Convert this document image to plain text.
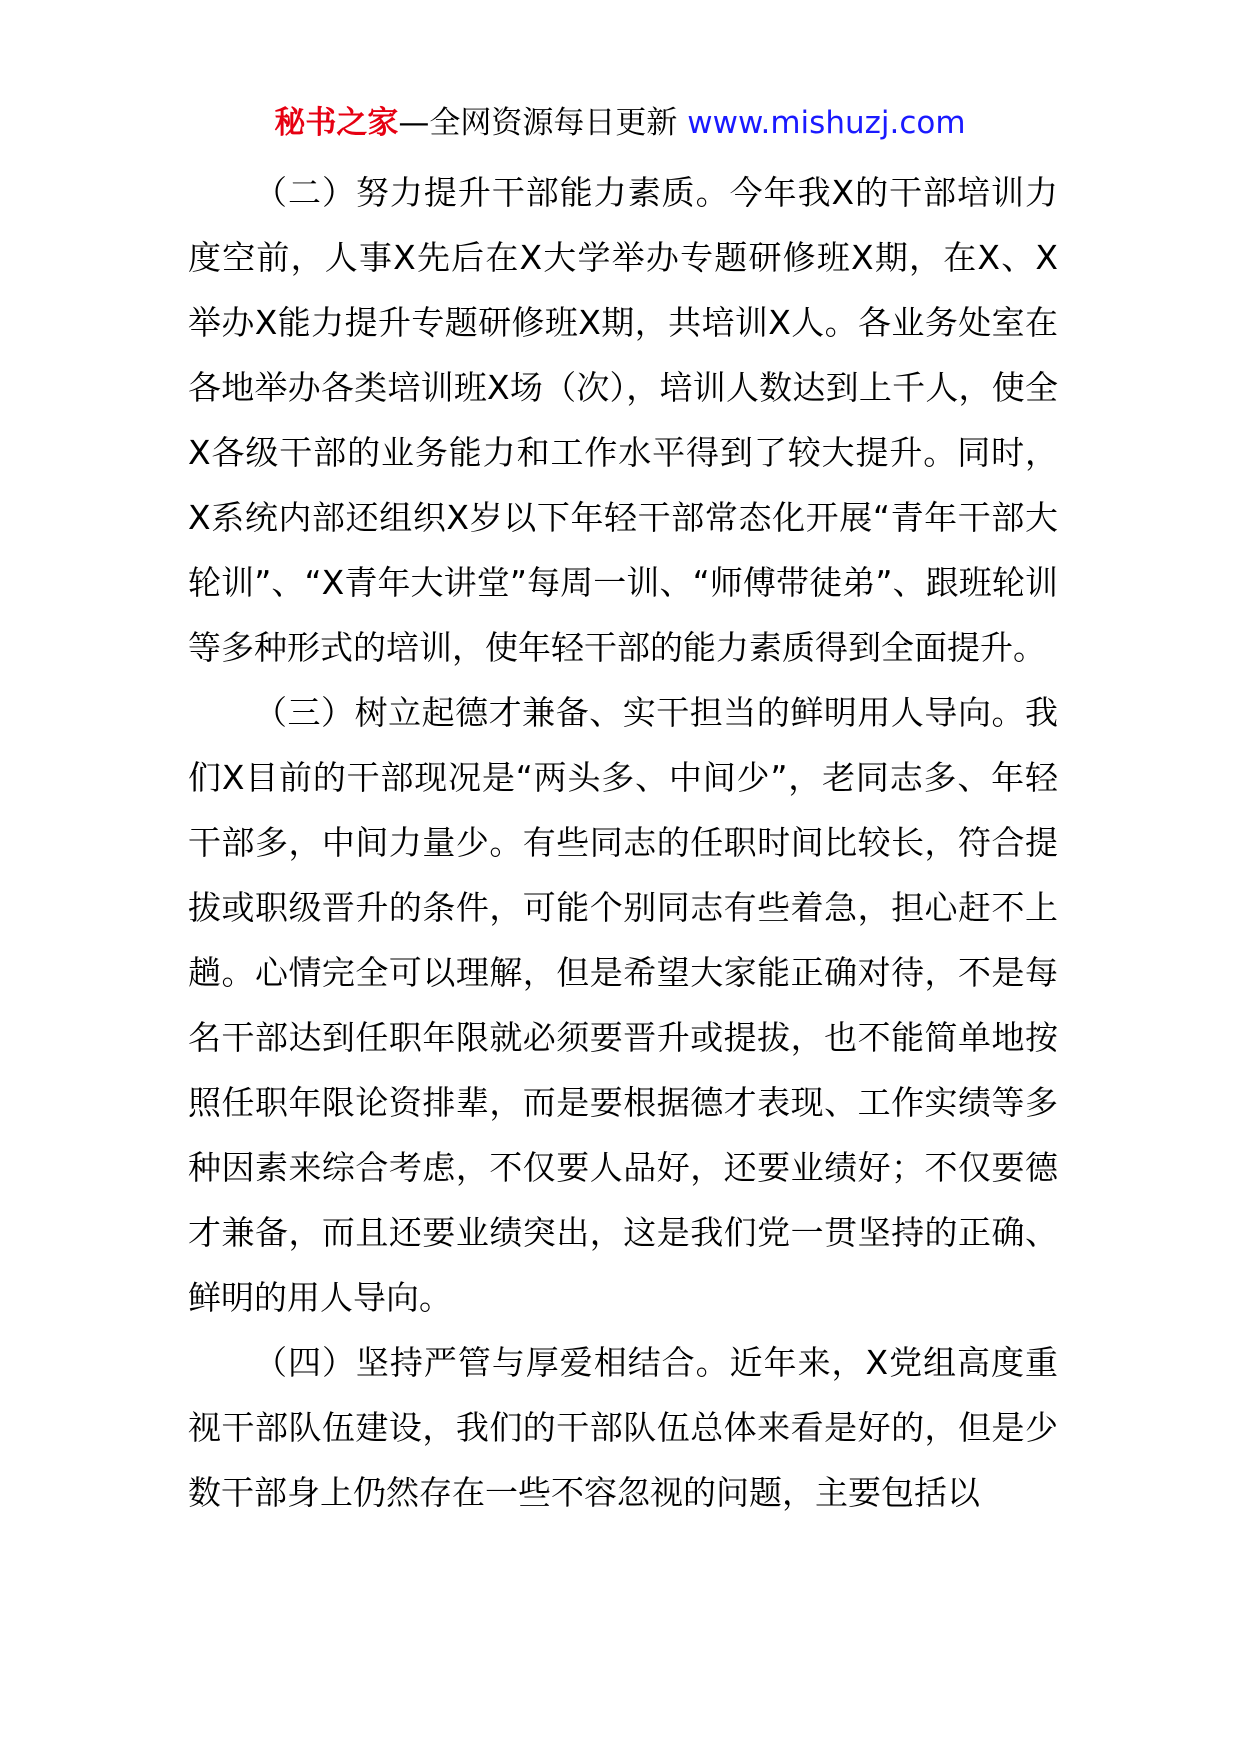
秘书之家—全网资源每日更新 www.mishuzj.com

（二）努力提升干部能力素质。今年我X的干部培训力度空前，人事X先后在X大学举办专题研修班X期，在X、X举办X能力提升专题研修班X期，共培训X人。各业务处室在各地举办各类培训班X场（次），培训人数达到上千人，使全X各级干部的业务能力和工作水平得到了较大提升。同时，X系统内部还组织X岁以下年轻干部常态化开展“青年干部大轮训”、“X青年大讲堂”每周一训、“师傅带徒弟”、跟班轮训等多种形式的培训，使年轻干部的能力素质得到全面提升。

（三）树立起德才兼备、实干担当的鲜明用人导向。我们X目前的干部现况是“两头多、中间少”，老同志多、年轻干部多，中间力量少。有些同志的任职时间比较长，符合提拔或职级晋升的条件，可能个别同志有些着急，担心赶不上趟。心情完全可以理解，但是希望大家能正确对待，不是每名干部达到任职年限就必须要晋升或提拔，也不能简单地按照任职年限论资排辈，而是要根据德才表现、工作实绩等多种因素来综合考虑，不仅要人品好，还要业绩好；不仅要德才兼备，而且还要业绩突出，这是我们党一贯坚持的正确、鲜明的用人导向。

（四）坚持严管与厚爱相结合。近年来，X党组高度重视干部队伍建设，我们的干部队伍总体来看是好的，但是少数干部身上仍然存在一些不容忽视的问题，主要包括以
